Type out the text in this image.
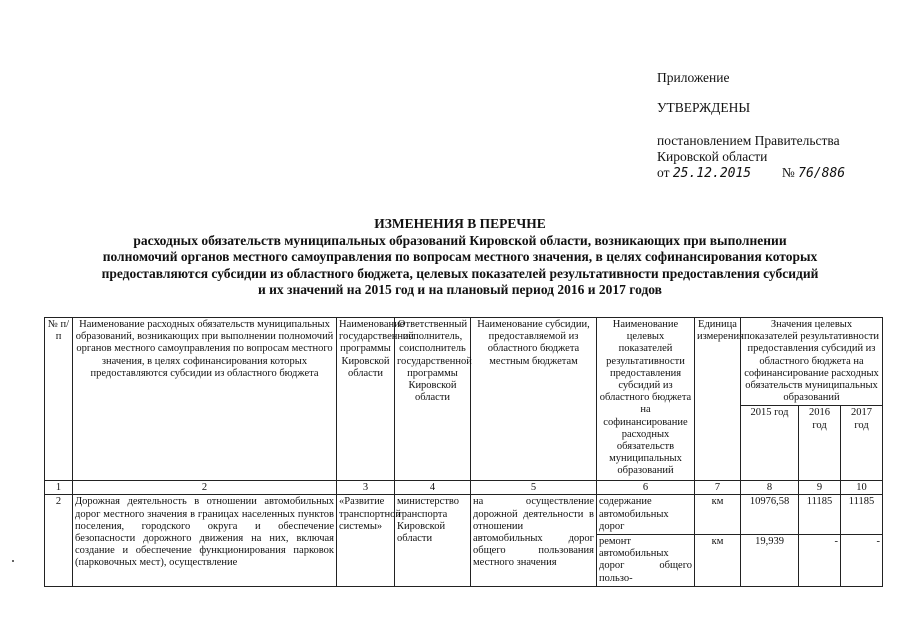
Приложение
УТВЕРЖДЕНЫ
постановлением Правительства
Кировской области
от 25.12.2015 № 76/886
ИЗМЕНЕНИЯ В ПЕРЕЧНЕ
расходных обязательств муниципальных образований Кировской области, возникающих при выполнении
полномочий органов местного самоуправления по вопросам местного значения, в целях софинансирования которых
предоставляются субсидии из областного бюджета, целевых показателей результативности предоставления субсидий
и их значений на 2015 год и на плановый период 2016 и 2017 годов
№ п/п	Наименование расходных обязательств муниципальных образований, возникающих при выполнении полномочий органов местного самоуправления по вопросам местного значения, в целях софинансирования которых предоставляются субсидии из областного бюджета	Наименование государственной программы Кировской области	Ответственный исполнитель, соисполнитель государственной программы Кировской области	Наименование субсидии, предоставляемой из областного бюджета местным бюджетам	Наименование целевых показателей результативности предоставления субсидий из областного бюджета на софинансирование расходных обязательств муниципальных образований	Единица измерения	Значения целевых показателей результативности предоставления субсидий из областного бюджета на софинансирование расходных обязательств муниципальных образований		
							2015 год	2016 год	2017 год
1	2	3	4	5	6	7	8	9	10
2	Дорожная деятельность в отношении автомобильных дорог местного значения в границах населенных пунктов поселения, городского округа и обеспечение безопасности дорожного движения на них, включая создание и обеспечение функционирования парковок (парковочных мест), осуществление	«Развитие транспортной системы»	министерство транспорта Кировской области	на осуществление дорожной деятельности в отношении автомобильных дорог общего пользования местного значения	содержание автомобильных дорог	км	10976,58	11185	11185
					ремонт автомобильных дорог общего пользо-	км	19,939	-	-
